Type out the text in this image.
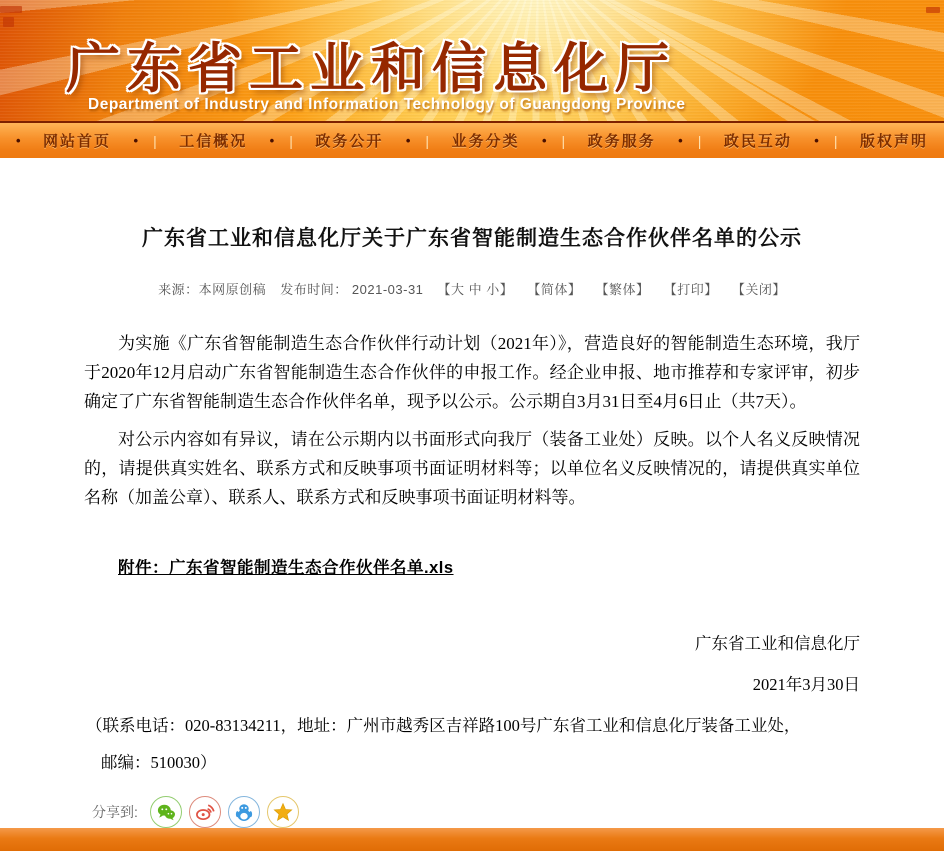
广东省工业和信息化厅
Department of Industry and Information Technology of Guangdong Province
• 网站首页 • | 工信概况 • | 政务公开 • | 业务分类 • | 政务服务 • | 政民互动 • | 版权声明
广东省工业和信息化厅关于广东省智能制造生态合作伙伴名单的公示
来源：本网原创稿 发布时间： 2021-03-31 【大 中 小】 【简体】 【繁体】 【打印】 【关闭】

为实施《广东省智能制造生态合作伙伴行动计划（2021年）》，营造良好的智能制造生态环境，我厅于2020年12月启动广东省智能制造生态合作伙伴的申报工作。经企业申报、地市推荐和专家评审，初步确定了广东省智能制造生态合作伙伴名单，现予以公示。公示期自3月31日至4月6日止（共7天）。

对公示内容如有异议，请在公示期内以书面形式向我厅（装备工业处）反映。以个人名义反映情况的，请提供真实姓名、联系方式和反映事项书面证明材料等；以单位名义反映情况的，请提供真实单位名称（加盖公章）、联系人、联系方式和反映事项书面证明材料等。

附件：广东省智能制造生态合作伙伴名单.xls
广东省工业和信息化厅
2021年3月30日
（联系电话：020-83134211，地址：广州市越秀区吉祥路100号广东省工业和信息化厅装备工业处，
邮编：510030）
分享到:
